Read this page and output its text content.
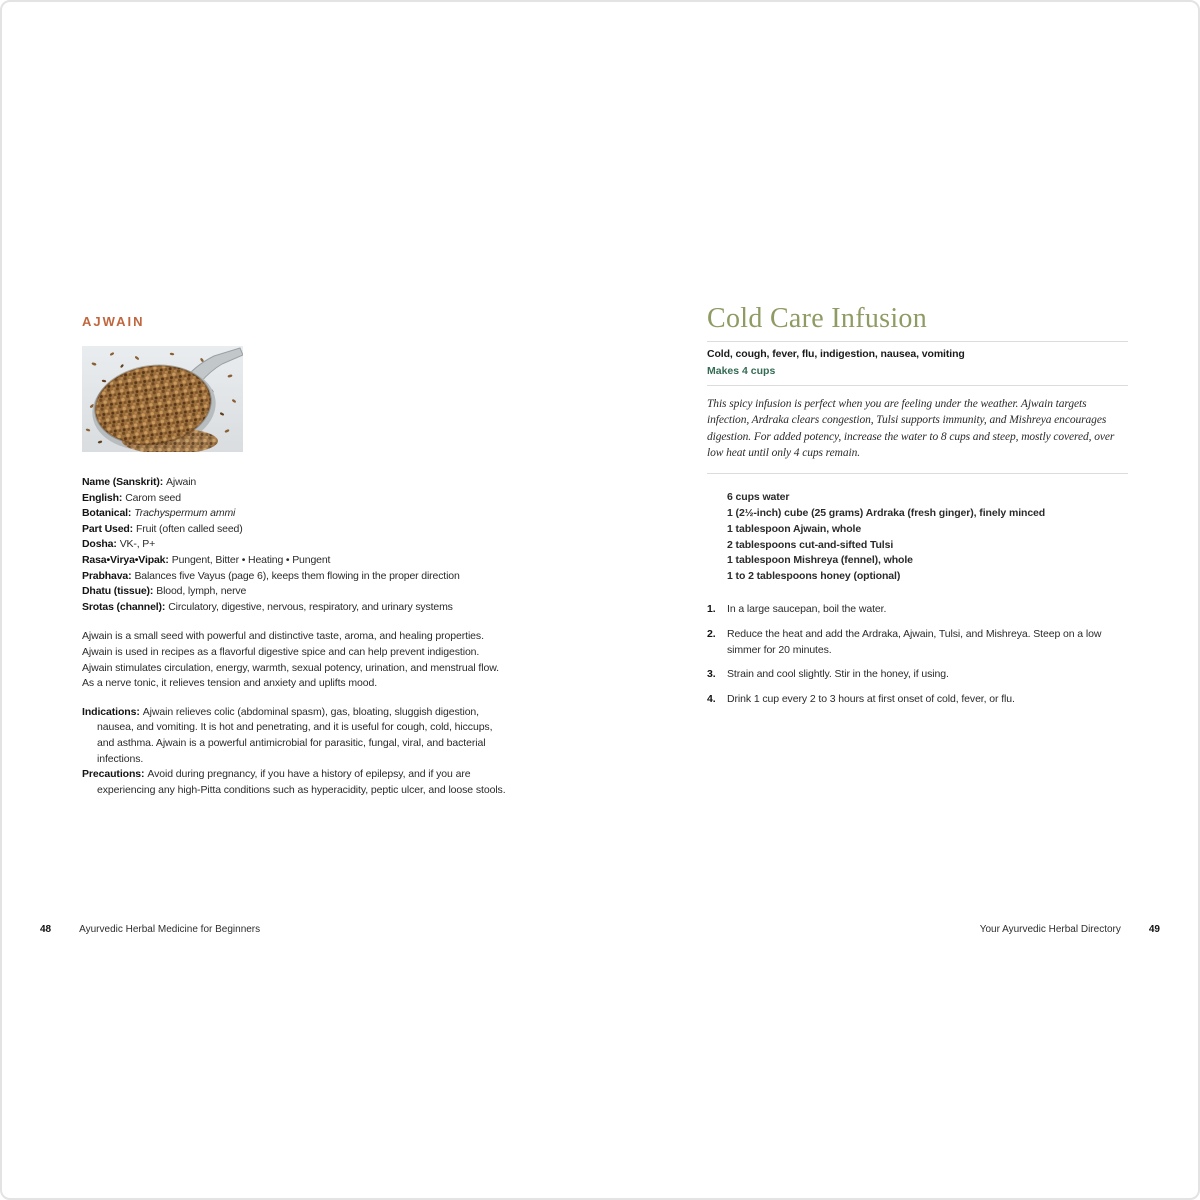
AJWAIN
Name (Sanskrit): Ajwain
English: Carom seed
Botanical: Trachyspermum ammi
Part Used: Fruit (often called seed)
Dosha: VK-, P+
Rasa•Virya•Vipak: Pungent, Bitter • Heating • Pungent
Prabhava: Balances five Vayus (page 6), keeps them flowing in the proper direction
Dhatu (tissue): Blood, lymph, nerve
Srotas (channel): Circulatory, digestive, nervous, respiratory, and urinary systems

Ajwain is a small seed with powerful and distinctive taste, aroma, and healing properties. Ajwain is used in recipes as a flavorful digestive spice and can help prevent indigestion. Ajwain stimulates circulation, energy, warmth, sexual potency, urination, and menstrual flow. As a nerve tonic, it relieves tension and anxiety and uplifts mood.

Indications: Ajwain relieves colic (abdominal spasm), gas, bloating, sluggish digestion, nausea, and vomiting. It is hot and penetrating, and it is useful for cough, cold, hiccups, and asthma. Ajwain is a powerful antimicrobial for parasitic, fungal, viral, and bacterial infections.

Precautions: Avoid during pregnancy, if you have a history of epilepsy, and if you are experiencing any high-Pitta conditions such as hyperacidity, peptic ulcer, and loose stools.

Cold Care Infusion
Cold, cough, fever, flu, indigestion, nausea, vomiting
Makes 4 cups

This spicy infusion is perfect when you are feeling under the weather. Ajwain targets infection, Ardraka clears congestion, Tulsi supports immunity, and Mishreya encourages digestion. For added potency, increase the water to 8 cups and steep, mostly covered, over low heat until only 4 cups remain.

6 cups water
1 (2½-inch) cube (25 grams) Ardraka (fresh ginger), finely minced
1 tablespoon Ajwain, whole
2 tablespoons cut-and-sifted Tulsi
1 tablespoon Mishreya (fennel), whole
1 to 2 tablespoons honey (optional)
1.	In a large saucepan, boil the water.
2.	Reduce the heat and add the Ardraka, Ajwain, Tulsi, and Mishreya. Steep on a low simmer for 20 minutes.
3.	Strain and cool slightly. Stir in the honey, if using.
4.	Drink 1 cup every 2 to 3 hours at first onset of cold, fever, or flu.
48	Ayurvedic Herbal Medicine for Beginners	Your Ayurvedic Herbal Directory	49
